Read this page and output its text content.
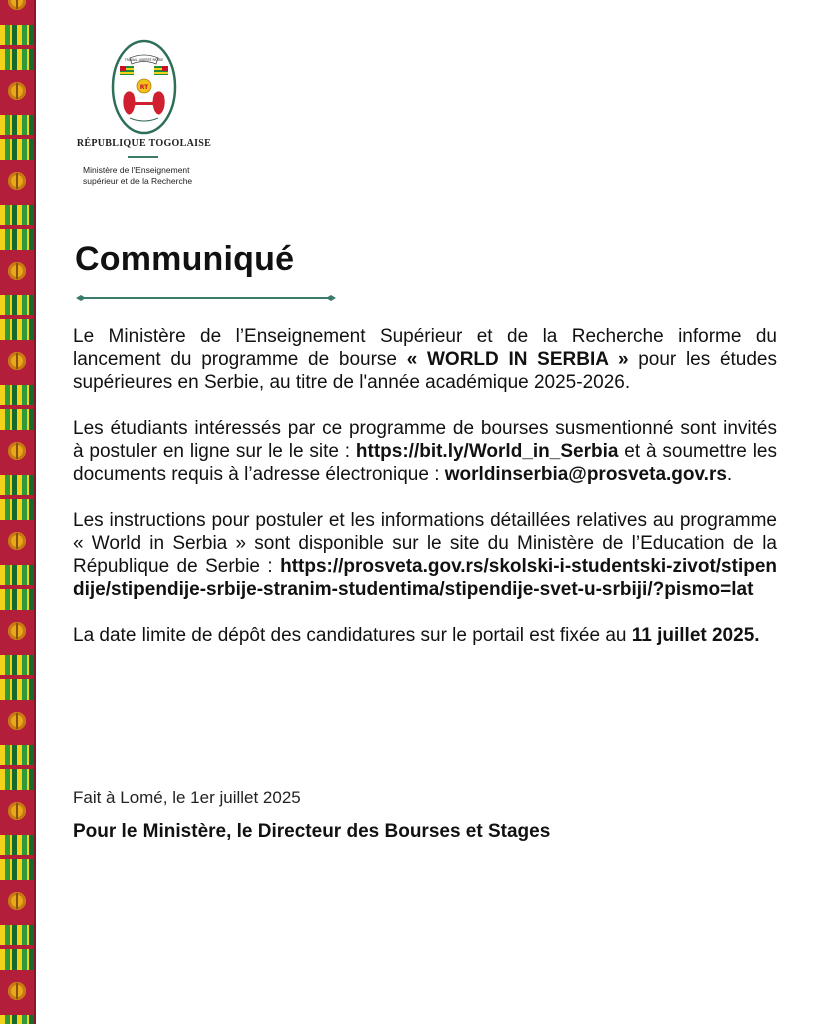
TRAVAIL LIBERTÉ PATRIE
RT
RÉPUBLIQUE TOGOLAISE
Ministère de l'Enseignement
supérieur et de la Recherche
Communiqué

Le Ministère de l’Enseignement Supérieur et de la Recherche informe du lancement du programme de bourse « WORLD IN SERBIA » pour les études supérieures en Serbie, au titre de l'année académique 2025-2026.

Les étudiants intéressés par ce programme de bourses susmentionné sont invités à postuler en ligne sur le le site : https://bit.ly/World_in_Serbia et à soumettre les documents requis à l’adresse électronique : worldinserbia@prosveta.gov.rs.

Les instructions pour postuler et les informations détaillées relatives au programme « World in Serbia » sont disponible sur le site du Ministère de l’Education de la République de Serbie : https://prosveta.gov.rs/skolski-i-studentski-zivot/stipendije/stipendije-srbije-stranim-studentima/stipendije-svet-u-srbiji/?pismo=lat

La date limite de dépôt des candidatures sur le portail est fixée au 11 juillet 2025.

Fait à Lomé, le 1er juillet 2025
Pour le Ministère, le Directeur des Bourses et Stages
